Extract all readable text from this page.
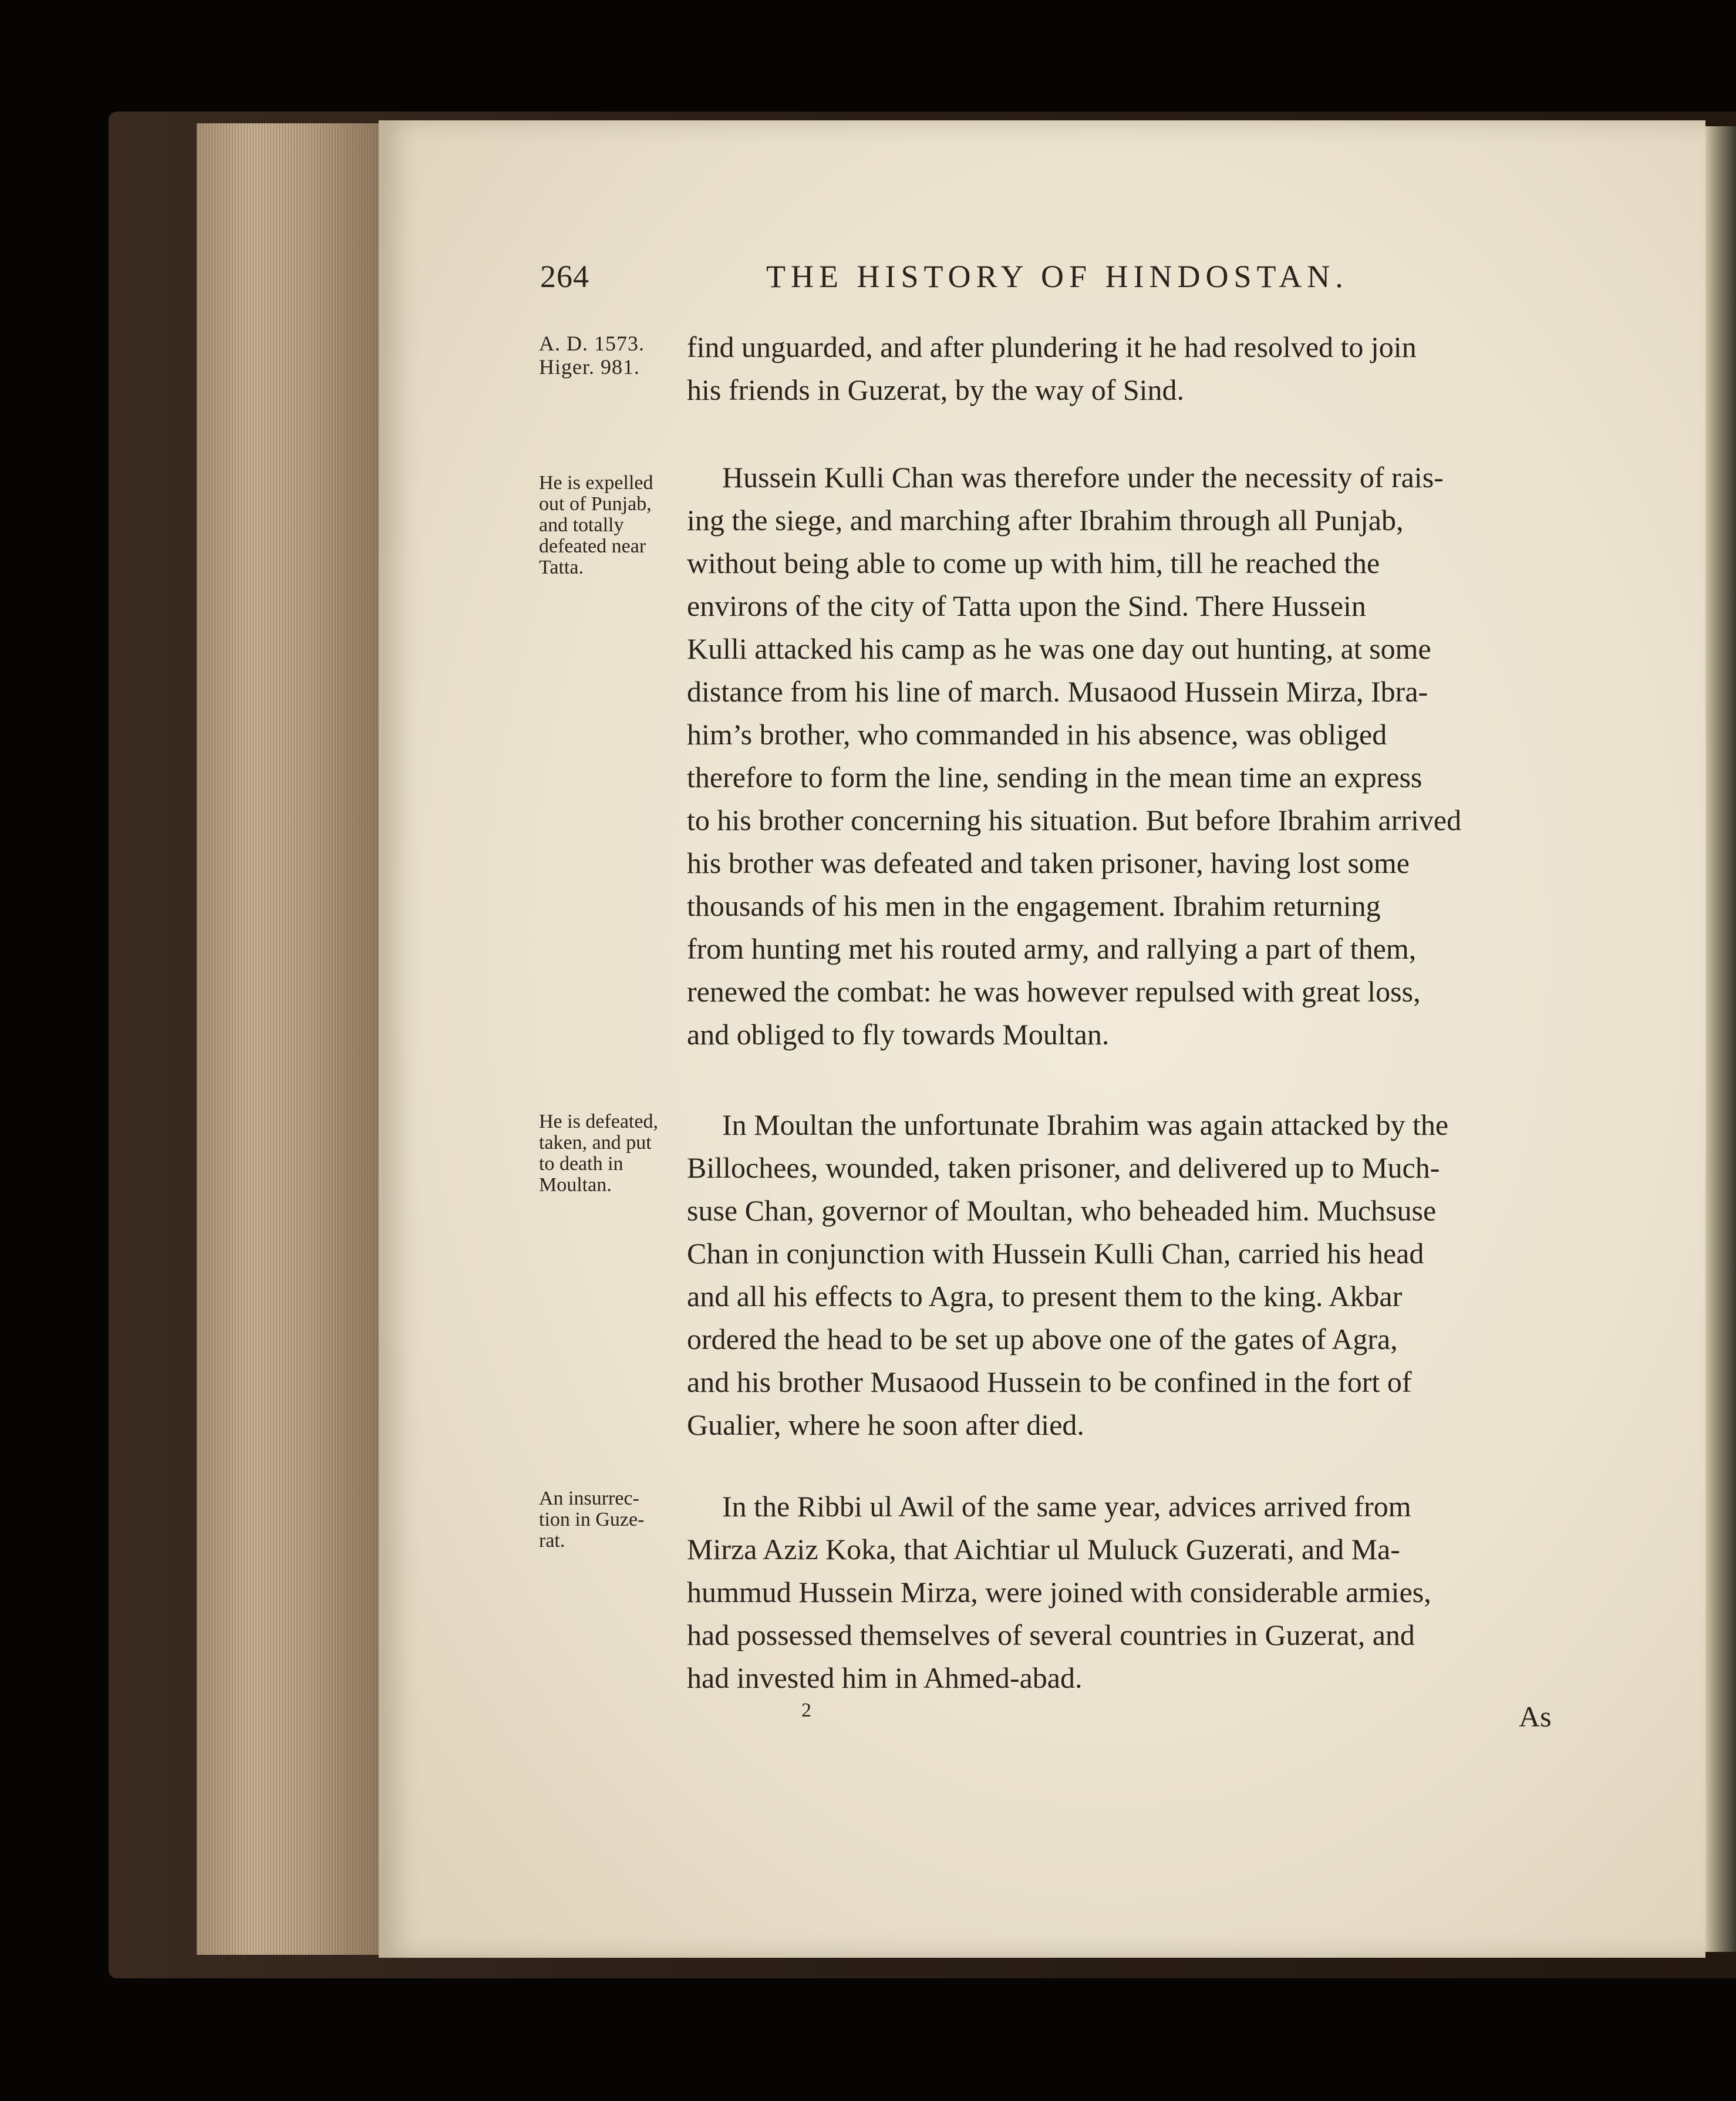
264	THE HISTORY OF HINDOSTAN.
A. D. 1573.
Higer. 981.
He is expelled
out of Punjab,
and totally
defeated near
Tatta.
He is defeated,
taken, and put
to death in
Moultan.
An insurrec-
tion in Guze-
rat.
find unguarded, and after plundering it he had resolved to join
his friends in Guzerat, by the way of Sind.
Hussein Kulli Chan was therefore under the necessity of rais-
ing the siege, and marching after Ibrahim through all Punjab,
without being able to come up with him, till he reached the
environs of the city of Tatta upon the Sind. There Hussein
Kulli attacked his camp as he was one day out hunting, at some
distance from his line of march. Musaood Hussein Mirza, Ibra-
him’s brother, who commanded in his absence, was obliged
therefore to form the line, sending in the mean time an express
to his brother concerning his situation. But before Ibrahim arrived
his brother was defeated and taken prisoner, having lost some
thousands of his men in the engagement. Ibrahim returning
from hunting met his routed army, and rallying a part of them,
renewed the combat: he was however repulsed with great loss,
and obliged to fly towards Moultan.
In Moultan the unfortunate Ibrahim was again attacked by the
Billochees, wounded, taken prisoner, and delivered up to Much-
suse Chan, governor of Moultan, who beheaded him. Muchsuse
Chan in conjunction with Hussein Kulli Chan, carried his head
and all his effects to Agra, to present them to the king. Akbar
ordered the head to be set up above one of the gates of Agra,
and his brother Musaood Hussein to be confined in the fort of
Gualier, where he soon after died.
In the Ribbi ul Awil of the same year, advices arrived from
Mirza Aziz Koka, that Aichtiar ul Muluck Guzerati, and Ma-
hummud Hussein Mirza, were joined with considerable armies,
had possessed themselves of several countries in Guzerat, and
had invested him in Ahmed-abad.
2	As
